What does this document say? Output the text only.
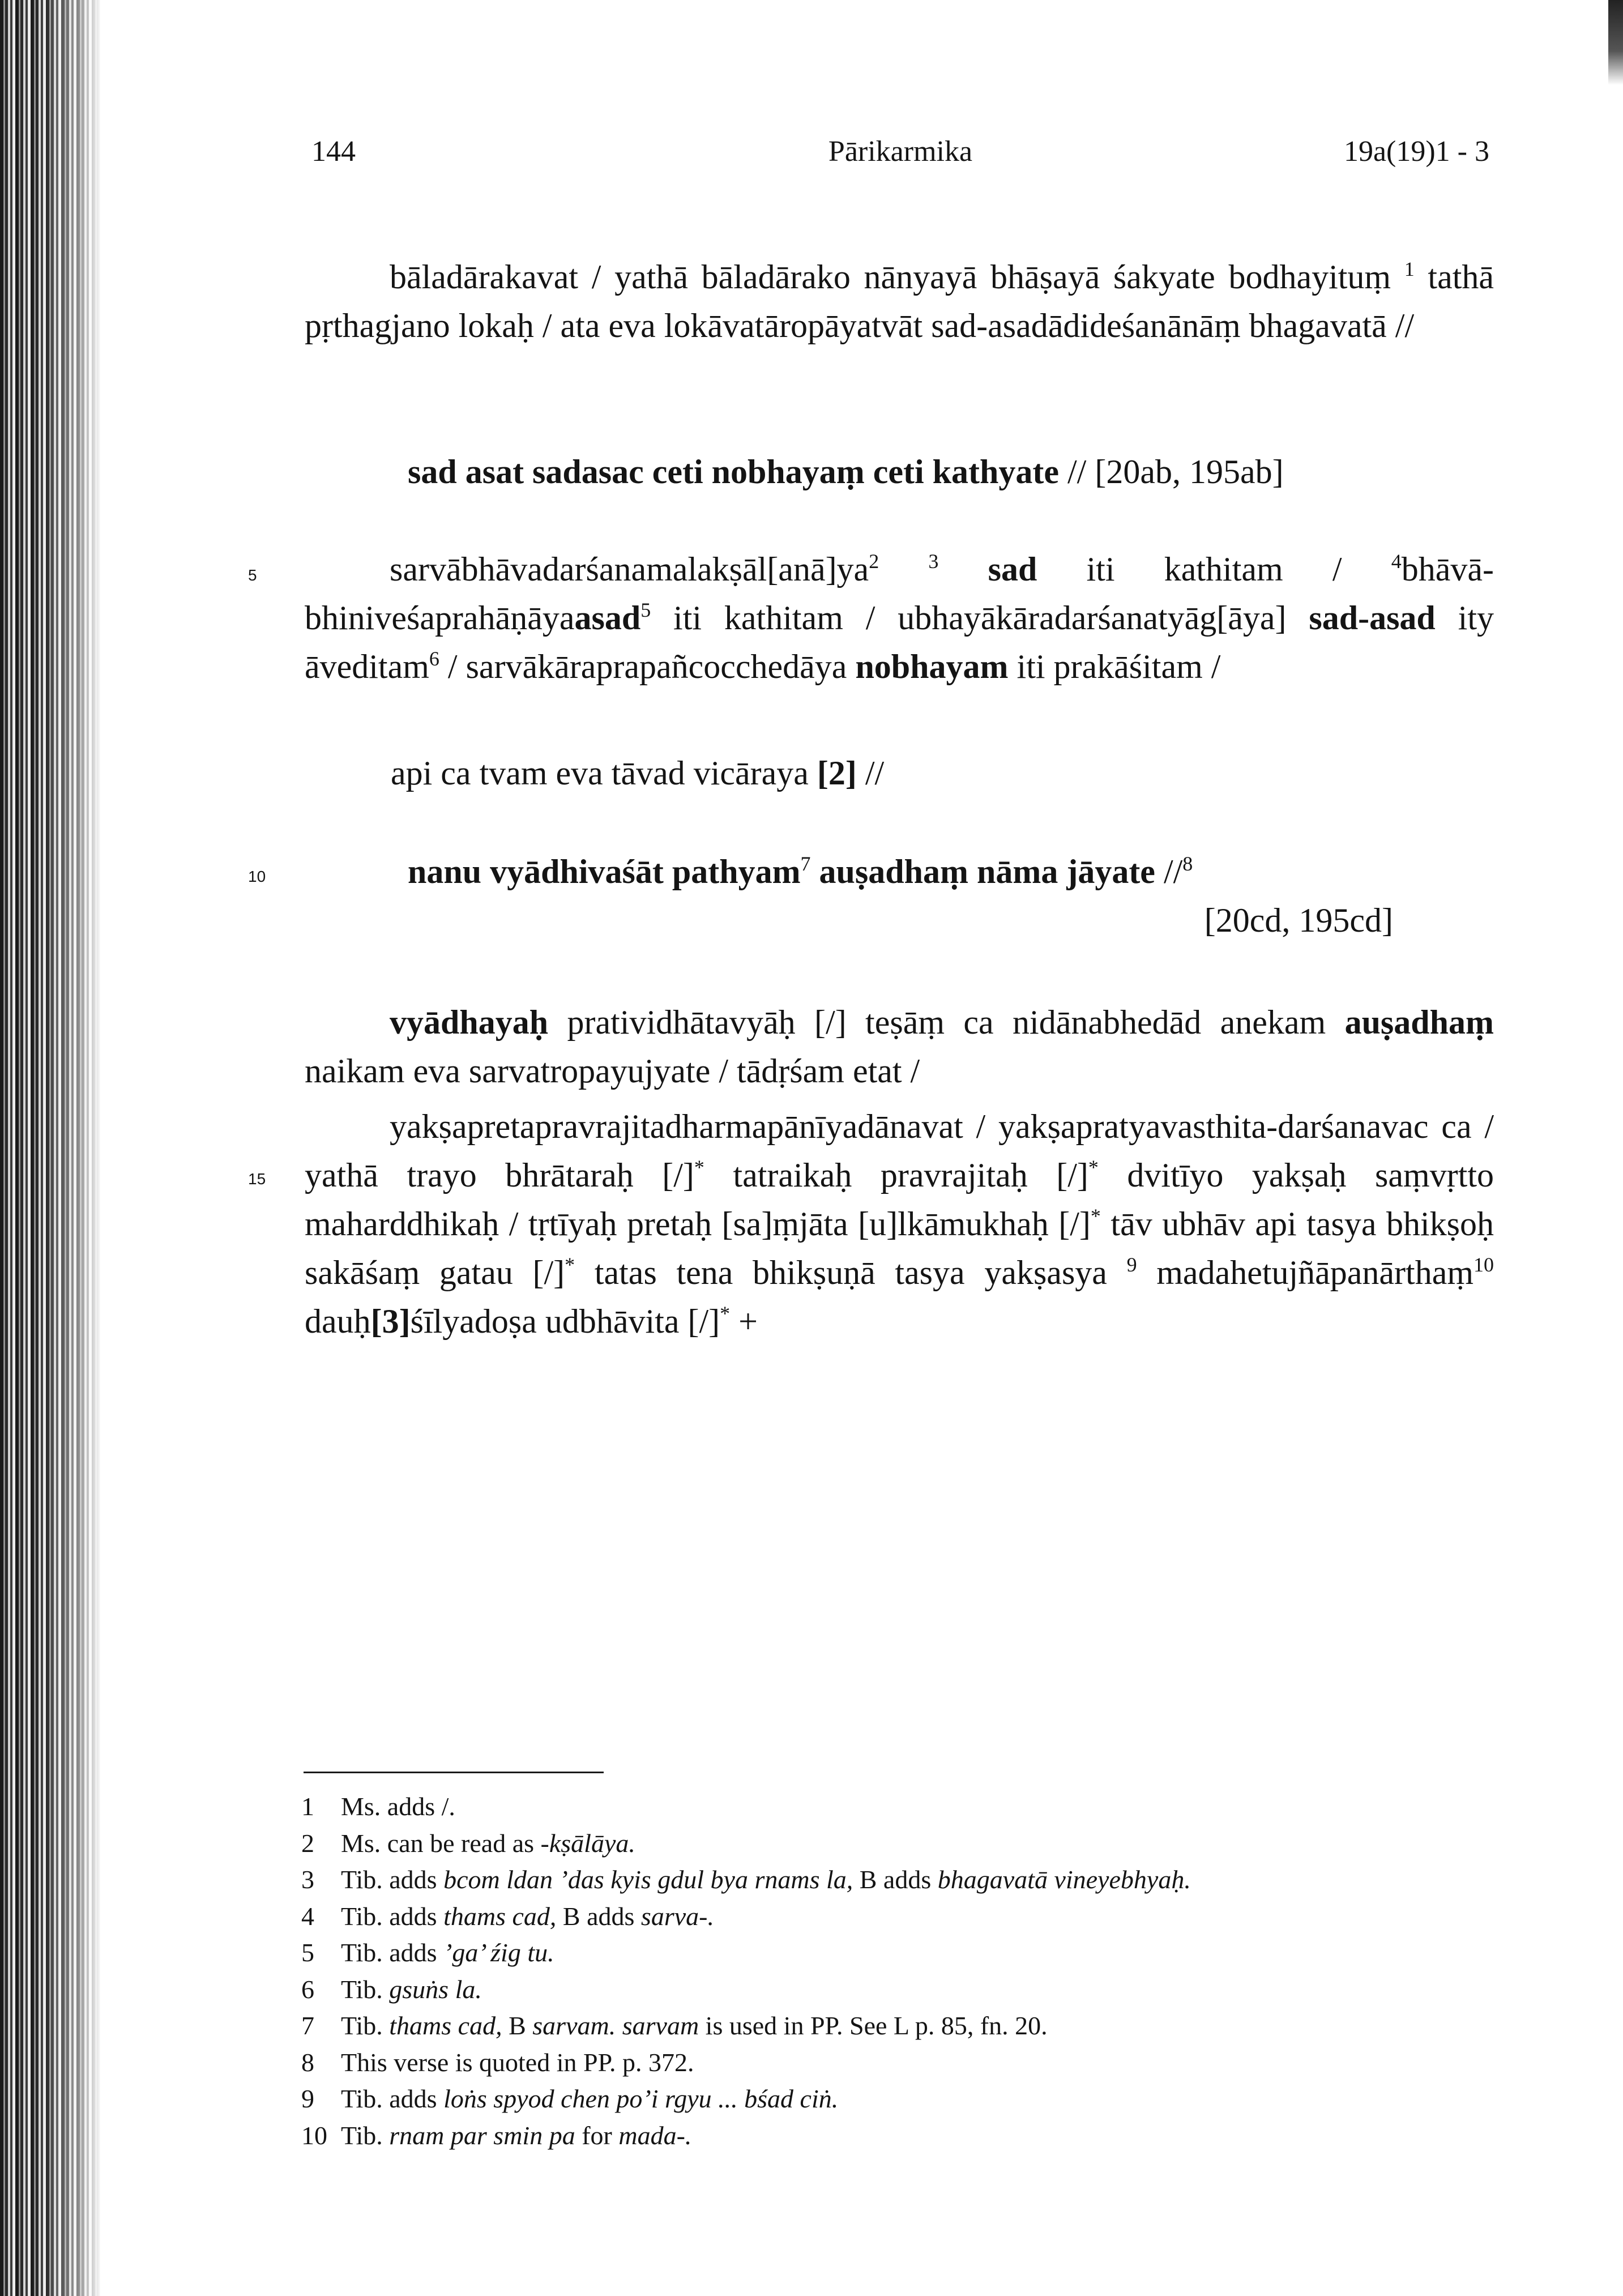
144	Pārikarmika	19a(19)1 - 3
bāladārakavat / yathā bāladārako nānyayā bhāṣayā śakyate bodhayituṃ $^1$ tathā pṛthagjano lokaḥ / ata eva lokāvatāropāyatvāt sad-asadādideśanānāṃ bhagavatā //
sad asat sadasac ceti nobhayaṃ ceti kathyate // [20ab, 195ab]
5	$sarvābhāvadarśanamalakṣāl[anā]ya^2$ $^3$ sad iti kathitam / $^4$bhāvā-bhiniveśaprahāṇāyaasad$^5$ iti kathitam / ubhayākāradarśanatyāg[āya] sad-asad ity āveditam$^6$ / sarvākāraprapañcocchedāya nobhayam iti prakāśitam /
api ca tvam eva tāvad vicāraya [2] //
10	nanu vyādhivaśāt pathyam$^7$ auṣadhaṃ nāma jāyate //$^8$
[20cd, 195cd]
vyādhayaḥ pratividhātavyāḥ [/] teṣāṃ ca nidānabhedād anekam auṣadhaṃ naikam eva sarvatropayujyate / tādṛśam etat /
15
yakṣapretapravrajitadharmapānīyadānavat / yakṣapratyavasthita-darśanavac ca / yathā trayo bhrātaraḥ [/]* tatraikaḥ pravrajitaḥ [/]* dvitīyo yakṣaḥ saṃvṛtto maharddhikaḥ / tṛtīyaḥ pretaḥ [sa]ṃjāta [u]lkāmukhaḥ [/]* tāv ubhāv api tasya bhikṣoḥ sakāśaṃ gatau [/]* tatas tena bhikṣuṇā tasya yakṣasya $^9$ madahetujñāpanārthaṃ$^{10}$ dauḥ[3]śīlyadoṣa udbhāvita [/]* +
1 Ms. adds /.
2 Ms. can be read as -kṣālāya.
3 Tib. adds bcom ldan ’das kyis gdul bya rnams la, B adds bhagavatā vineyebhyaḥ.
4 Tib. adds thams cad, B adds sarva-.
5 Tib. adds ’ga’ źig tu.
6 Tib. gsuṅs la.
7 Tib. thams cad, B sarvam. sarvam is used in PP. See L p. 85, fn. 20.
8 This verse is quoted in PP. p. 372.
9 Tib. adds loṅs spyod chen po’i rgyu ... bśad ciṅ.
10 Tib. rnam par smin pa for mada-.
